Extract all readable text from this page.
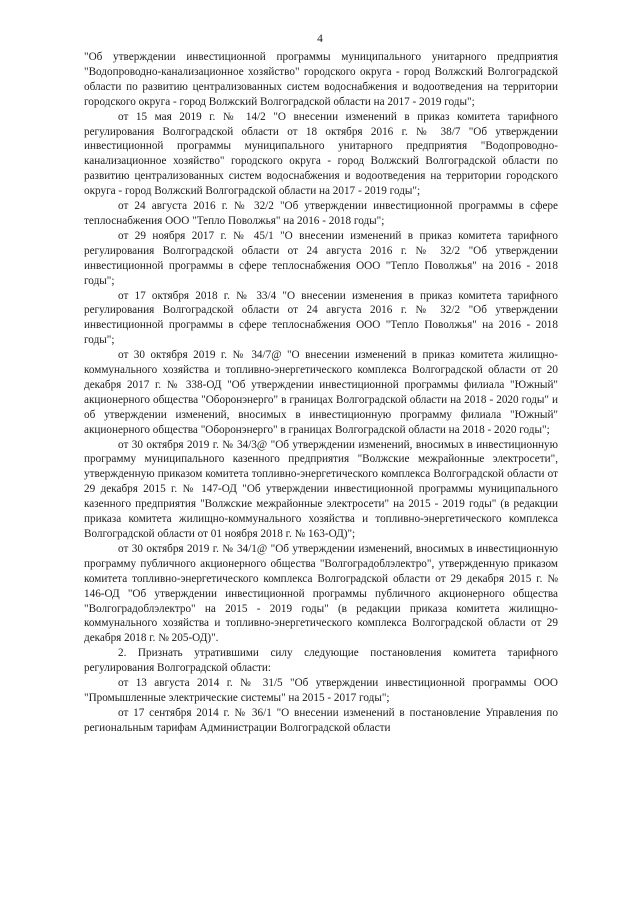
4

"Об утверждении инвестиционной программы муниципального унитарного предприятия "Водопроводно-канализационное хозяйство" городского округа - город Волжский Волгоградской области по развитию централизованных систем водоснабжения и водоотведения на территории городского округа - город Волжский Волгоградской области на 2017 - 2019 годы";

от 15 мая 2019 г. № 14/2 "О внесении изменений в приказ комитета тарифного регулирования Волгоградской области от 18 октября 2016 г. № 38/7 "Об утверждении инвестиционной программы муниципального унитарного предприятия "Водопроводно-канализационное хозяйство" городского округа - город Волжский Волгоградской области по развитию централизованных систем водоснабжения и водоотведения на территории городского округа - город Волжский Волгоградской области на 2017 - 2019 годы";

от 24 августа 2016 г. № 32/2 "Об утверждении инвестиционной программы в сфере теплоснабжения ООО "Тепло Поволжья" на 2016 - 2018 годы";

от 29 ноября 2017 г. № 45/1 "О внесении изменений в приказ комитета тарифного регулирования Волгоградской области от 24 августа 2016 г. № 32/2 "Об утверждении инвестиционной программы в сфере теплоснабжения ООО "Тепло Поволжья" на 2016 - 2018 годы";

от 17 октября 2018 г. № 33/4 "О внесении изменения в приказ комитета тарифного регулирования Волгоградской области от 24 августа 2016 г. № 32/2 "Об утверждении инвестиционной программы в сфере теплоснабжения ООО "Тепло Поволжья" на 2016 - 2018 годы";

от 30 октября 2019 г. № 34/7@ "О внесении изменений в приказ комитета жилищно-коммунального хозяйства и топливно-энергетического комплекса Волгоградской области от 20 декабря 2017 г. № 338-ОД "Об утверждении инвестиционной программы филиала "Южный" акционерного общества "Оборонэнерго" в границах Волгоградской области на 2018 - 2020 годы" и об утверждении изменений, вносимых в инвестиционную программу филиала "Южный" акционерного общества "Оборонэнерго" в границах Волгоградской области на 2018 - 2020 годы";

от 30 октября 2019 г. № 34/3@ "Об утверждении изменений, вносимых в инвестиционную программу муниципального казенного предприятия "Волжские межрайонные электросети", утвержденную приказом комитета топливно-энергетического комплекса Волгоградской области от 29 декабря 2015 г. № 147-ОД "Об утверждении инвестиционной программы муниципального казенного предприятия "Волжские межрайонные электросети" на 2015 - 2019 годы" (в редакции приказа комитета жилищно-коммунального хозяйства и топливно-энергетического комплекса Волгоградской области от 01 ноября 2018 г. № 163-ОД)";

от 30 октября 2019 г. № 34/1@ "Об утверждении изменений, вносимых в инвестиционную программу публичного акционерного общества "Волгоградоблэлектро", утвержденную приказом комитета топливно-энергетического комплекса Волгоградской области от 29 декабря 2015 г. № 146-ОД "Об утверждении инвестиционной программы публичного акционерного общества "Волгоградоблэлектро" на 2015 - 2019 годы" (в редакции приказа комитета жилищно-коммунального хозяйства и топливно-энергетического комплекса Волгоградской области от 29 декабря 2018 г. № 205-ОД)".

2. Признать утратившими силу следующие постановления комитета тарифного регулирования Волгоградской области:

от 13 августа 2014 г. № 31/5 "Об утверждении инвестиционной программы ООО "Промышленные электрические системы" на 2015 - 2017 годы";

от 17 сентября 2014 г. № 36/1 "О внесении изменений в постановление Управления по региональным тарифам Администрации Волгоградской области
